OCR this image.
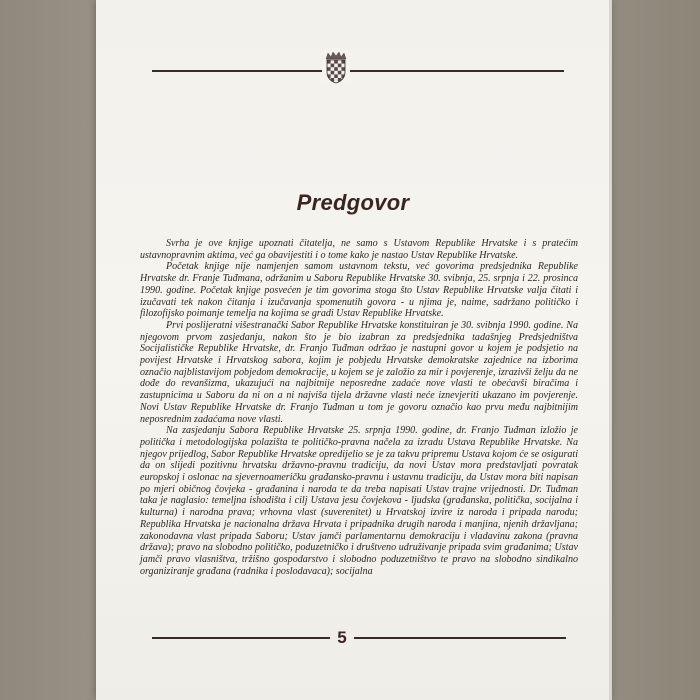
Predgovor

Svrha je ove knjige upoznati čitatelja, ne samo s Ustavom Republike Hrvatske i s pratećim ustavnopravnim aktima, već ga obavijestiti i o tome kako je nastao Ustav Republike Hrvatske.

Početak knjige nije namjenjen samom ustavnom tekstu, već govorima predsjednika Republike Hrvatske dr. Franje Tuđmana, održanim u Saboru Republike Hrvatske 30. svibnja, 25. srpnja i 22. prosinca 1990. godine. Početak knjige posvećen je tim govorima stoga što Ustav Republike Hrvatske valja čitati i izučavati tek nakon čitanja i izučavanja spomenutih govora - u njima je, naime, sadržano političko i filozofijsko poimanje temelja na kojima se gradi Ustav Republike Hrvatske.

Prvi poslijeratni višestranački Sabor Republike Hrvatske konstituiran je 30. svibnja 1990. godine. Na njegovom prvom zasjedanju, nakon što je bio izabran za predsjednika tadašnjeg Predsjedništva Socijalističke Republike Hrvatske, dr. Franjo Tuđman održao je nastupni govor u kojem je podsjetio na povijest Hrvatske i Hrvatskog sabora, kojim je pobjedu Hrvatske demokratske zajednice na izborima označio najblistavijom pobjedom demokracije, u kojem se je založio za mir i povjerenje, izrazivši želju da ne dođe do revanšizma, ukazujući na najbitnije neposredne zadaće nove vlasti te obećavši biračima i zastupnicima u Saboru da ni on a ni najviša tijela državne vlasti neće iznevjeriti ukazano im povjerenje. Novi Ustav Republike Hrvatske dr. Franjo Tuđman u tom je govoru označio kao prvu među najbitnijim neposrednim zadaćama nove vlasti.

Na zasjedanju Sabora Republike Hrvatske 25. srpnja 1990. godine, dr. Franjo Tuđman izložio je politička i metodologijska polazišta te političko-pravna načela za izradu Ustava Republike Hrvatske. Na njegov prijedlog, Sabor Republike Hrvatske opredijelio se je za takvu pripremu Ustava kojom će se osigurati da on slijedi pozitivnu hrvatsku državno-pravnu tradiciju, da novi Ustav mora predstavljati povratak europskoj i oslonac na sjevernoameričku građansko-pravnu i ustavnu tradiciju, da Ustav mora biti napisan po mjeri običnog čovjeka - građanina i naroda te da treba napisati Ustav trajne vrijednosti. Dr. Tuđman taka je naglasio: temeljna ishodišta i cilj Ustava jesu čovjekova - ljudska (građanska, politička, socijalna i kulturna) i narodna prava; vrhovna vlast (suverenitet) u Hrvatskoj izvire iz naroda i pripada narodu; Republika Hrvatska je nacionalna država Hrvata i pripadnika drugih naroda i manjina, njenih državljana; zakonodavna vlast pripada Saboru; Ustav jamči parlamentarnu demokraciju i vladavinu zakona (pravna država); pravo na slobodno političko, poduzetničko i društveno udruživanje pripada svim građanima; Ustav jamči pravo vlasništva, tržišno gospodarstvo i slobodno poduzetništvo te pravo na slobodno sindikalno organiziranje građana (radnika i poslodavaca); socijalna

5
